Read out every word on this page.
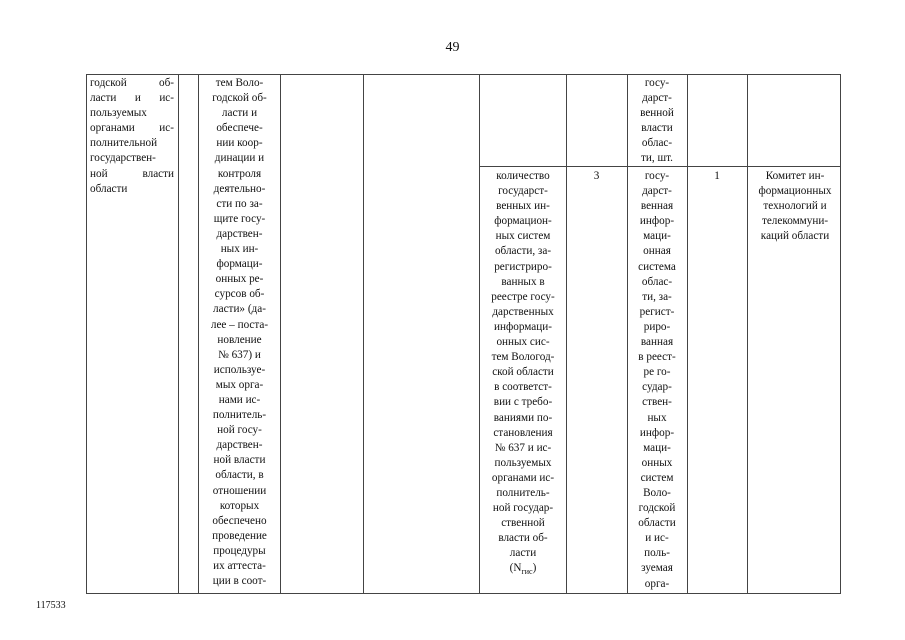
49
годской об-
ласти и ис-
пользуемых
органами ис-
полнительной
государствен-
ной власти
области
тем Воло-
годской об-
ласти и
обеспече-
нии коор-
динации и
контроля
деятельно-
сти по за-
щите госу-
дарствен-
ных ин-
формаци-
онных ре-
сурсов об-
ласти» (да-
лее – поста-
новление
№ 637) и
используе-
мых орга-
нами ис-
полнитель-
ной госу-
дарствен-
ной власти
области, в
отношении
которых
обеспечено
проведение
процедуры
их аттеста-
ции в соот-
госу-
дарст-
венной
власти
облас-
ти, шт.
количество
государст-
венных ин-
формацион-
ных систем
области, за-
регистриро-
ванных в
реестре госу-
дарственных
информаци-
онных сис-
тем Вологод-
ской области
в соответст-
вии с требо-
ваниями по-
становления
№ 637 и ис-
пользуемых
органами ис-
полнитель-
ной государ-
ственной
власти об-
ласти
$(N_{гис})$
3	госу-
дарст-
венная
инфор-
маци-
онная
система
облас-
ти, за-
регист-
риро-
ванная
в реест-
ре го-
судар-
ствен-
ных
инфор-
маци-
онных
систем
Воло-
годской
области
и ис-
поль-
зуемая
орга-
1	Комитет ин-
формационных
технологий и
телекоммуни-
каций области
117533
